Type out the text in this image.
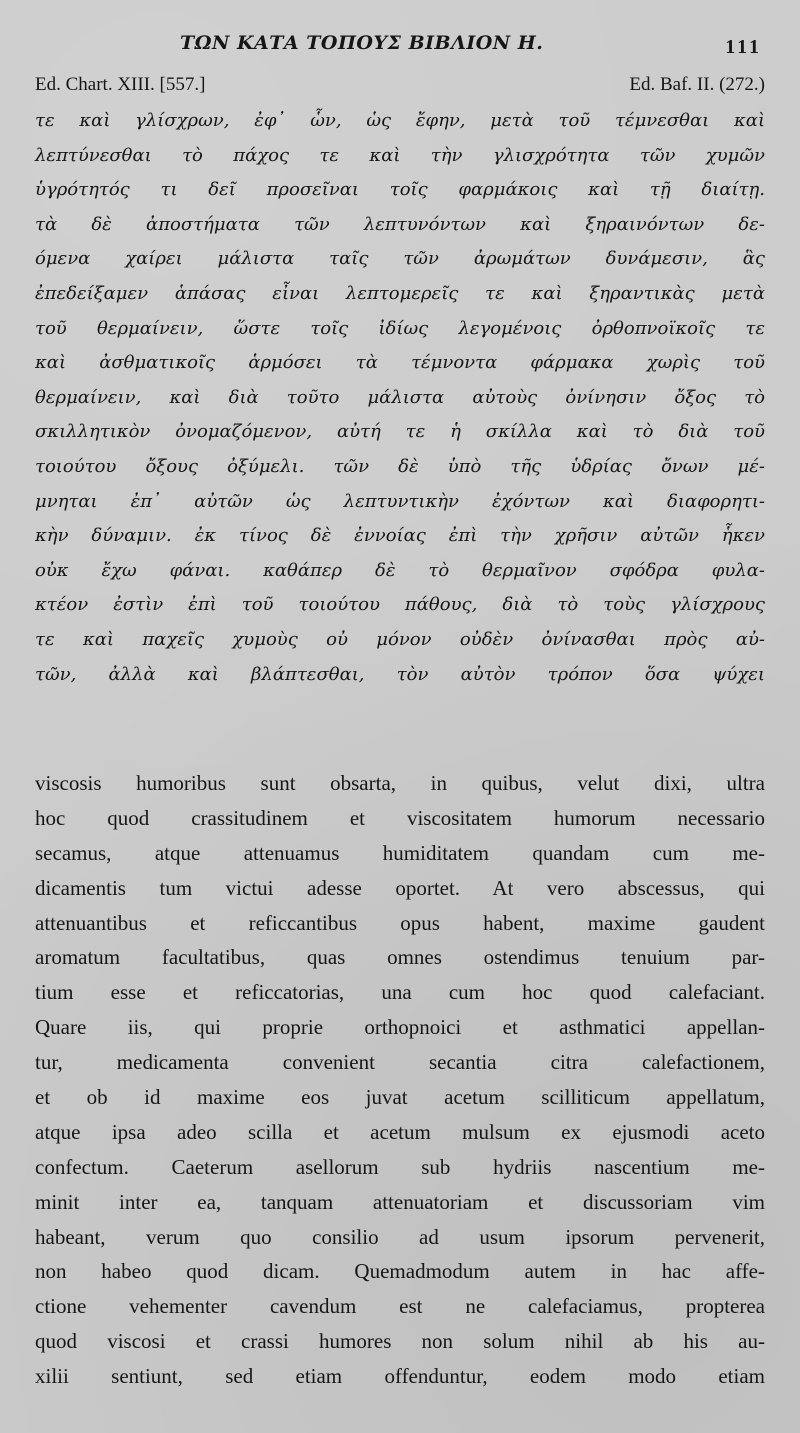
ΤΩΝ ΚΑΤΑ ΤΟΠΟΥΣ ΒΙΒΛΙΟΝ Η.	111
Ed. Chart. XIII. [557.]	Ed. Baf. II. (272.)
τε καὶ γλίσχρων, ἐφ᾽ ὧν, ὡς ἔφην, μετὰ τοῦ τέμνεσθαι καὶ
λεπτύνεσθαι τὸ πάχος τε καὶ τὴν γλισχρότητα τῶν χυμῶν
ὑγρότητός τι δεῖ προσεῖναι τοῖς φαρμάκοις καὶ τῇ διαίτῃ.
τὰ δὲ ἀποστήματα τῶν λεπτυνόντων καὶ ξηραινόντων δε-
όμενα χαίρει μάλιστα ταῖς τῶν ἀρωμάτων δυνάμεσιν, ἃς
ἐπεδείξαμεν ἁπάσας εἶναι λεπτομερεῖς τε καὶ ξηραντικὰς μετὰ
τοῦ θερμαίνειν, ὥστε τοῖς ἰδίως λεγομένοις ὀρθοπνοϊκοῖς τε
καὶ ἀσθματικοῖς ἁρμόσει τὰ τέμνοντα φάρμακα χωρὶς τοῦ
θερμαίνειν, καὶ διὰ τοῦτο μάλιστα αὐτοὺς ὀνίνησιν ὄξος τὸ
σκιλλητικὸν ὀνομαζόμενον, αὐτή τε ἡ σκίλλα καὶ τὸ διὰ τοῦ
τοιούτου ὄξους ὀξύμελι. τῶν δὲ ὑπὸ τῆς ὑδρίας ὄνων μέ-
μνηται ἐπ᾽ αὐτῶν ὡς λεπτυντικὴν ἐχόντων καὶ διαφορητι-
κὴν δύναμιν. ἐκ τίνος δὲ ἐννοίας ἐπὶ τὴν χρῆσιν αὐτῶν ἧκεν
οὐκ ἔχω φάναι. καθάπερ δὲ τὸ θερμαῖνον σφόδρα φυλα-
κτέον ἐστὶν ἐπὶ τοῦ τοιούτου πάθους, διὰ τὸ τοὺς γλίσχρους
τε καὶ παχεῖς χυμοὺς οὐ μόνον οὐδὲν ὀνίνασθαι πρὸς αὐ-
τῶν, ἀλλὰ καὶ βλάπτεσθαι, τὸν αὐτὸν τρόπον ὅσα ψύχει
viscosis humoribus sunt obsarta, in quibus, velut dixi, ultra
hoc quod crassitudinem et viscositatem humorum necessario
secamus, atque attenuamus humiditatem quandam cum me-
dicamentis tum victui adesse oportet. At vero abscessus, qui
attenuantibus et reficcantibus opus habent, maxime gaudent
aromatum facultatibus, quas omnes ostendimus tenuium par-
tium esse et reficcatorias, una cum hoc quod calefaciant.
Quare iis, qui proprie orthopnoici et asthmatici appellan-
tur, medicamenta convenient secantia citra calefactionem,
et ob id maxime eos juvat acetum scilliticum appellatum,
atque ipsa adeo scilla et acetum mulsum ex ejusmodi aceto
confectum. Caeterum asellorum sub hydriis nascentium me-
minit inter ea, tanquam attenuatoriam et discussoriam vim
habeant, verum quo consilio ad usum ipsorum pervenerit,
non habeo quod dicam. Quemadmodum autem in hac affe-
ctione vehementer cavendum est ne calefaciamus, propterea
quod viscosi et crassi humores non solum nihil ab his au-
xilii sentiunt, sed etiam offenduntur, eodem modo etiam
